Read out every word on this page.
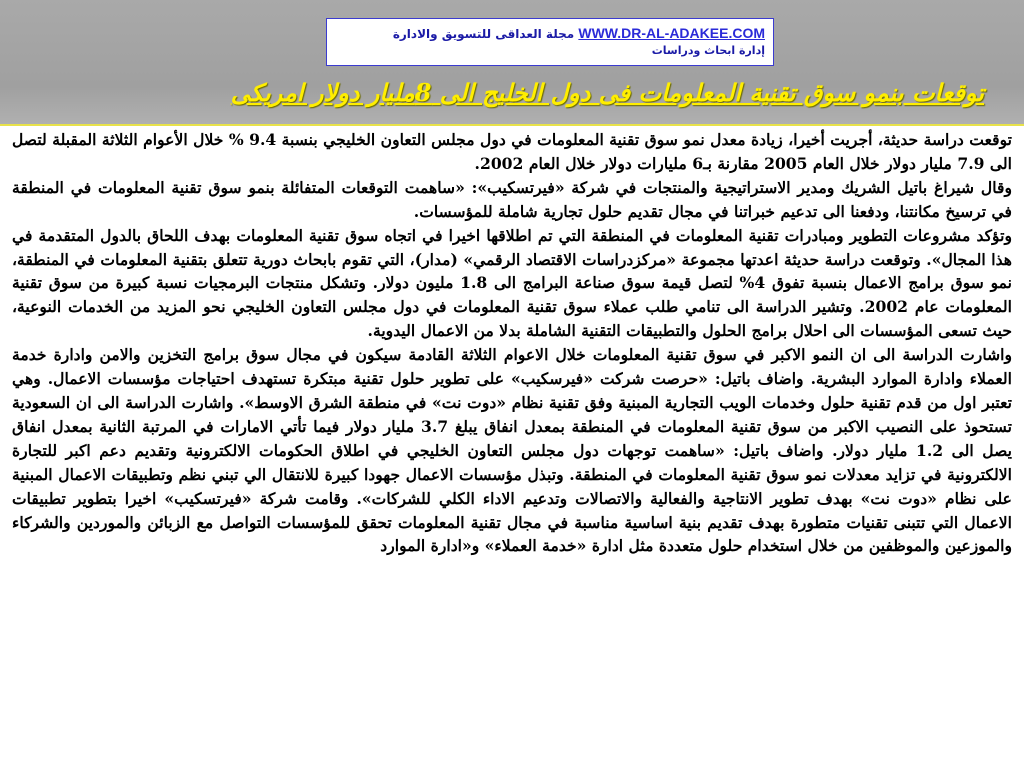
WWW.DR-AL-ADAKEE.COM مجلة العداقى للتسويق والادارة
إدارة ابحاث ودراسات
توقعات بنمو سوق تقنية المعلومات فى دول الخليج الى 8مليار دولار امريكى

توقعت دراسة حديثة، أجريت أخيرا، زيادة معدل نمو سوق تقنية المعلومات في دول مجلس التعاون الخليجي بنسبة 9.4 % خلال الأعوام الثلاثة المقبلة لتصل الى 7.9 مليار دولار خلال العام 2005 مقارنة بـ6 مليارات دولار خلال العام 2002.

وقال شيراغ باتيل الشريك ومدير الاستراتيجية والمنتجات في شركة «فيرتسكيب»: «ساهمت التوقعات المتفائلة بنمو سوق تقنية المعلومات في المنطقة في ترسيخ مكانتنا، ودفعنا الى تدعيم خبراتنا في مجال تقديم حلول تجارية شاملة للمؤسسات.

وتؤكد مشروعات التطوير ومبادرات تقنية المعلومات في المنطقة التي تم اطلاقها اخيرا في اتجاه سوق تقنية المعلومات بهدف اللحاق بالدول المتقدمة في هذا المجال». وتوقعت دراسة حديثة اعدتها مجموعة «مركزدراسات الاقتصاد الرقمي» (مدار)، التي تقوم بابحاث دورية تتعلق بتقنية المعلومات في المنطقة، نمو سوق برامج الاعمال بنسبة تفوق 4% لتصل قيمة سوق صناعة البرامج الى 1.8 مليون دولار. وتشكل منتجات البرمجيات نسبة كبيرة من سوق تقنية المعلومات عام 2002. وتشير الدراسة الى تنامي طلب عملاء سوق تقنية المعلومات في دول مجلس التعاون الخليجي نحو المزيد من الخدمات النوعية، حيث تسعى المؤسسات الى احلال برامج الحلول والتطبيقات التقنية الشاملة بدلا من الاعمال اليدوية.

واشارت الدراسة الى ان النمو الاكبر في سوق تقنية المعلومات خلال الاعوام الثلاثة القادمة سيكون في مجال سوق برامج التخزين والامن وادارة خدمة العملاء وادارة الموارد البشرية. واضاف باتيل: «حرصت شركت «فيرسكيب» على تطوير حلول تقنية مبتكرة تستهدف احتياجات مؤسسات الاعمال. وهي تعتبر اول من قدم تقنية حلول وخدمات الويب التجارية المبنية وفق تقنية نظام «دوت نت» في منطقة الشرق الاوسط». واشارت الدراسة الى ان السعودية تستحوذ على النصيب الاكبر من سوق تقنية المعلومات في المنطقة بمعدل انفاق يبلغ 3.7 مليار دولار فيما تأتي الامارات في المرتبة الثانية بمعدل انفاق يصل الى 1.2 مليار دولار. واضاف باتيل: «ساهمت توجهات دول مجلس التعاون الخليجي في اطلاق الحكومات الالكترونية وتقديم دعم اكبر للتجارة الالكترونية في تزايد معدلات نمو سوق تقنية المعلومات في المنطقة. وتبذل مؤسسات الاعمال جهودا كبيرة للانتقال الي تبني نظم وتطبيقات الاعمال المبنية على نظام «دوت نت» بهدف تطوير الانتاجية والفعالية والاتصالات وتدعيم الاداء الكلي للشركات». وقامت شركة «فيرتسكيب» اخيرا بتطوير تطبيقات الاعمال التي تتبنى تقنيات متطورة بهدف تقديم بنية اساسية مناسبة في مجال تقنية المعلومات تحقق للمؤسسات التواصل مع الزبائن والموردين والشركاء والموزعين والموظفين من خلال استخدام حلول متعددة مثل ادارة «خدمة العملاء» و«ادارة الموارد
